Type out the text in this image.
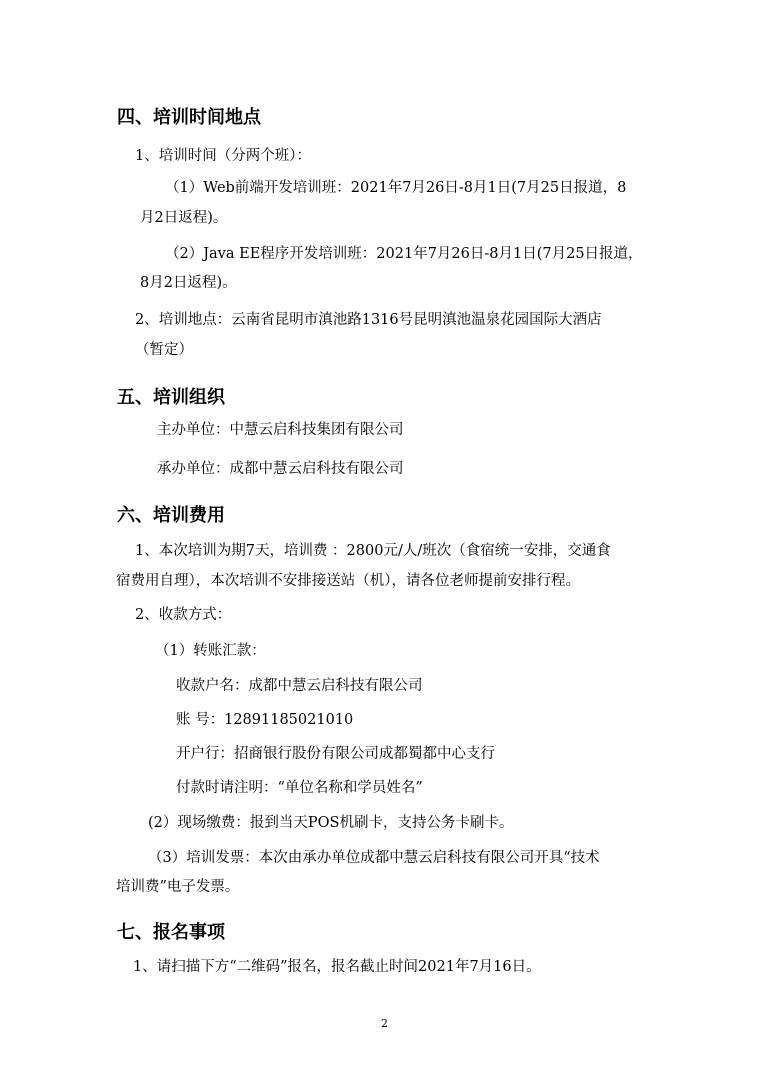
四、培训时间地点
1、培训时间（分两个班）：
（1）Web前端开发培训班：2021年7月26日-8月1日(7月25日报道，8
月2日返程)。
（2）Java EE程序开发培训班：2021年7月26日-8月1日(7月25日报道，
8月2日返程)。
2、培训地点：云南省昆明市滇池路1316号昆明滇池温泉花园国际大酒店
（暂定）
五、培训组织
主办单位：中慧云启科技集团有限公司
承办单位：成都中慧云启科技有限公司
六、培训费用
1、本次培训为期7天，培训费 ：2800元/人/班次（食宿统一安排，交通食
宿费用自理），本次培训不安排接送站（机），请各位老师提前安排行程。
2、收款方式：
（1）转账汇款：
收款户名：成都中慧云启科技有限公司
账 号：12891185021010
开户行：招商银行股份有限公司成都蜀都中心支行
付款时请注明：“单位名称和学员姓名”
(2）现场缴费：报到当天POS机刷卡，支持公务卡刷卡。
（3）培训发票：本次由承办单位成都中慧云启科技有限公司开具“技术
培训费”电子发票。
七、报名事项
1、请扫描下方“二维码”报名，报名截止时间2021年7月16日。
2
